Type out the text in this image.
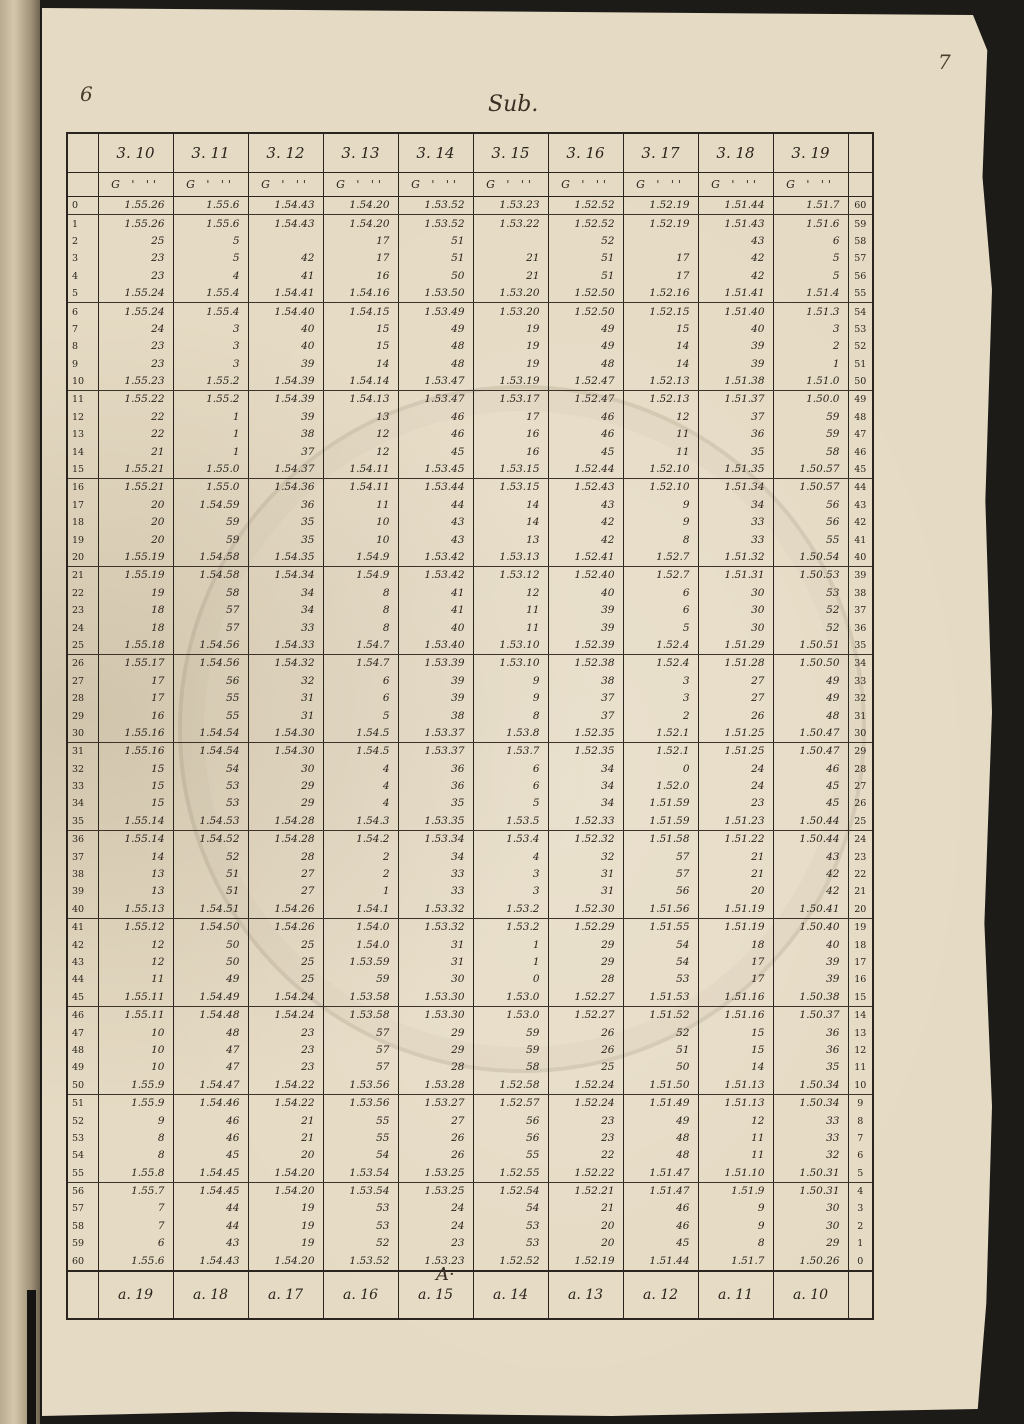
6
7
Sub.
	3. 10	3. 11	3. 12	3. 13	3. 14	3. 15	3. 16	3. 17	3. 18	3. 19	
	G ' ''	G ' ''	G ' ''	G ' ''	G ' ''	G ' ''	G ' ''	G ' ''	G ' ''	G ' ''	
0	1.55.26	1.55.6	1.54.43	1.54.20	1.53.52	1.53.23	1.52.52	1.52.19	1.51.44	1.51.7	60
1	1.55.26	1.55.6	1.54.43	1.54.20	1.53.52	1.53.22	1.52.52	1.52.19	1.51.43	1.51.6	59
2	25	5		17	51		52		43	6	58
3	23	5	42	17	51	21	51	17	42	5	57
4	23	4	41	16	50	21	51	17	42	5	56
5	1.55.24	1.55.4	1.54.41	1.54.16	1.53.50	1.53.20	1.52.50	1.52.16	1.51.41	1.51.4	55
6	1.55.24	1.55.4	1.54.40	1.54.15	1.53.49	1.53.20	1.52.50	1.52.15	1.51.40	1.51.3	54
7	24	3	40	15	49	19	49	15	40	3	53
8	23	3	40	15	48	19	49	14	39	2	52
9	23	3	39	14	48	19	48	14	39	1	51
10	1.55.23	1.55.2	1.54.39	1.54.14	1.53.47	1.53.19	1.52.47	1.52.13	1.51.38	1.51.0	50
11	1.55.22	1.55.2	1.54.39	1.54.13	1.53.47	1.53.17	1.52.47	1.52.13	1.51.37	1.50.0	49
12	22	1	39	13	46	17	46	12	37	59	48
13	22	1	38	12	46	16	46	11	36	59	47
14	21	1	37	12	45	16	45	11	35	58	46
15	1.55.21	1.55.0	1.54.37	1.54.11	1.53.45	1.53.15	1.52.44	1.52.10	1.51.35	1.50.57	45
16	1.55.21	1.55.0	1.54.36	1.54.11	1.53.44	1.53.15	1.52.43	1.52.10	1.51.34	1.50.57	44
17	20	1.54.59	36	11	44	14	43	9	34	56	43
18	20	59	35	10	43	14	42	9	33	56	42
19	20	59	35	10	43	13	42	8	33	55	41
20	1.55.19	1.54.58	1.54.35	1.54.9	1.53.42	1.53.13	1.52.41	1.52.7	1.51.32	1.50.54	40
21	1.55.19	1.54.58	1.54.34	1.54.9	1.53.42	1.53.12	1.52.40	1.52.7	1.51.31	1.50.53	39
22	19	58	34	8	41	12	40	6	30	53	38
23	18	57	34	8	41	11	39	6	30	52	37
24	18	57	33	8	40	11	39	5	30	52	36
25	1.55.18	1.54.56	1.54.33	1.54.7	1.53.40	1.53.10	1.52.39	1.52.4	1.51.29	1.50.51	35
26	1.55.17	1.54.56	1.54.32	1.54.7	1.53.39	1.53.10	1.52.38	1.52.4	1.51.28	1.50.50	34
27	17	56	32	6	39	9	38	3	27	49	33
28	17	55	31	6	39	9	37	3	27	49	32
29	16	55	31	5	38	8	37	2	26	48	31
30	1.55.16	1.54.54	1.54.30	1.54.5	1.53.37	1.53.8	1.52.35	1.52.1	1.51.25	1.50.47	30
31	1.55.16	1.54.54	1.54.30	1.54.5	1.53.37	1.53.7	1.52.35	1.52.1	1.51.25	1.50.47	29
32	15	54	30	4	36	6	34	0	24	46	28
33	15	53	29	4	36	6	34	1.52.0	24	45	27
34	15	53	29	4	35	5	34	1.51.59	23	45	26
35	1.55.14	1.54.53	1.54.28	1.54.3	1.53.35	1.53.5	1.52.33	1.51.59	1.51.23	1.50.44	25
36	1.55.14	1.54.52	1.54.28	1.54.2	1.53.34	1.53.4	1.52.32	1.51.58	1.51.22	1.50.44	24
37	14	52	28	2	34	4	32	57	21	43	23
38	13	51	27	2	33	3	31	57	21	42	22
39	13	51	27	1	33	3	31	56	20	42	21
40	1.55.13	1.54.51	1.54.26	1.54.1	1.53.32	1.53.2	1.52.30	1.51.56	1.51.19	1.50.41	20
41	1.55.12	1.54.50	1.54.26	1.54.0	1.53.32	1.53.2	1.52.29	1.51.55	1.51.19	1.50.40	19
42	12	50	25	1.54.0	31	1	29	54	18	40	18
43	12	50	25	1.53.59	31	1	29	54	17	39	17
44	11	49	25	59	30	0	28	53	17	39	16
45	1.55.11	1.54.49	1.54.24	1.53.58	1.53.30	1.53.0	1.52.27	1.51.53	1.51.16	1.50.38	15
46	1.55.11	1.54.48	1.54.24	1.53.58	1.53.30	1.53.0	1.52.27	1.51.52	1.51.16	1.50.37	14
47	10	48	23	57	29	59	26	52	15	36	13
48	10	47	23	57	29	59	26	51	15	36	12
49	10	47	23	57	28	58	25	50	14	35	11
50	1.55.9	1.54.47	1.54.22	1.53.56	1.53.28	1.52.58	1.52.24	1.51.50	1.51.13	1.50.34	10
51	1.55.9	1.54.46	1.54.22	1.53.56	1.53.27	1.52.57	1.52.24	1.51.49	1.51.13	1.50.34	9
52	9	46	21	55	27	56	23	49	12	33	8
53	8	46	21	55	26	56	23	48	11	33	7
54	8	45	20	54	26	55	22	48	11	32	6
55	1.55.8	1.54.45	1.54.20	1.53.54	1.53.25	1.52.55	1.52.22	1.51.47	1.51.10	1.50.31	5
56	1.55.7	1.54.45	1.54.20	1.53.54	1.53.25	1.52.54	1.52.21	1.51.47	1.51.9	1.50.31	4
57	7	44	19	53	24	54	21	46	9	30	3
58	7	44	19	53	24	53	20	46	9	30	2
59	6	43	19	52	23	53	20	45	8	29	1
60	1.55.6	1.54.43	1.54.20	1.53.52	1.53.23	1.52.52	1.52.19	1.51.44	1.51.7	1.50.26	0
	a. 19	a. 18	a. 17	a. 16	a. 15	a. 14	a. 13	a. 12	a. 11	a. 10	
A·
